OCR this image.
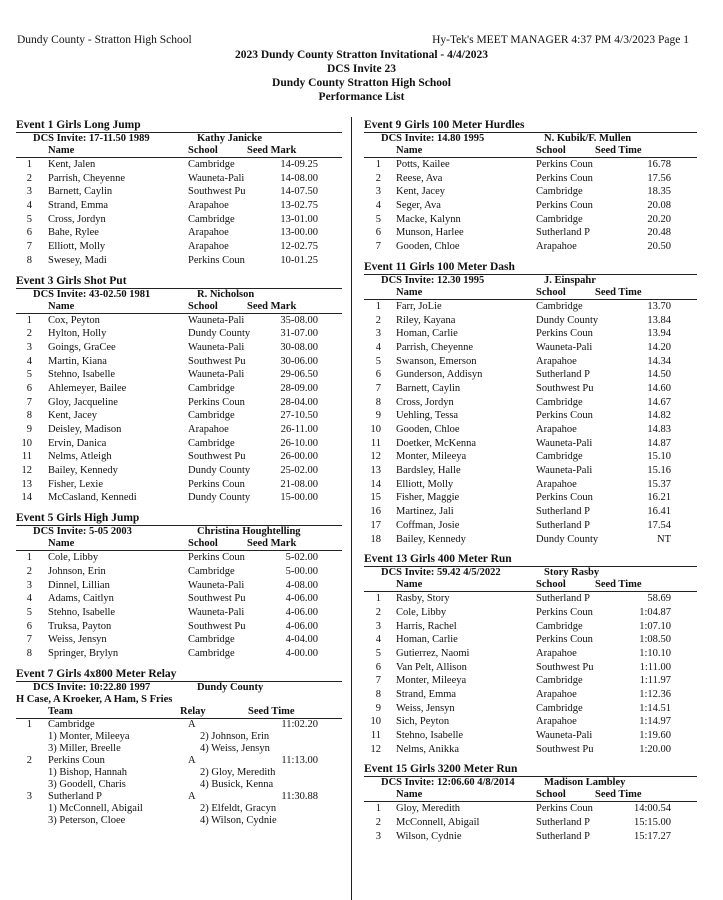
Dundy County - Stratton High School	Hy-Tek's MEET MANAGER 4:37 PM 4/3/2023 Page 1
2023 Dundy County Stratton Invitational - 4/4/2023
DCS Invite 23
Dundy County Stratton High School
Performance List
Event 1 Girls Long Jump
DCS Invite: 17-11.50 1989	Kathy Janicke
Name	School	Seed Mark
1 Kent, Jalen	Cambridge	14-09.25
2 Parrish, Cheyenne	Wauneta-Pali	14-08.00
3 Barnett, Caylin	Southwest Pu	14-07.50
4 Strand, Emma	Arapahoe	13-02.75
5 Cross, Jordyn	Cambridge	13-01.00
6 Bahe, Rylee	Arapahoe	13-00.00
7 Elliott, Molly	Arapahoe	12-02.75
8 Swesey, Madi	Perkins Coun	10-01.25
Event 3 Girls Shot Put
DCS Invite: 43-02.50 1981	R. Nicholson
Name	School	Seed Mark
1 Cox, Peyton	Wauneta-Pali	35-08.00
2 Hylton, Holly	Dundy County	31-07.00
3 Goings, GraCee	Wauneta-Pali	30-08.00
4 Martin, Kiana	Southwest Pu	30-06.00
5 Stehno, Isabelle	Wauneta-Pali	29-06.50
6 Ahlemeyer, Bailee	Cambridge	28-09.00
7 Gloy, Jacqueline	Perkins Coun	28-04.00
8 Kent, Jacey	Cambridge	27-10.50
9 Deisley, Madison	Arapahoe	26-11.00
10 Ervin, Danica	Cambridge	26-10.00
11 Nelms, Atleigh	Southwest Pu	26-00.00
12 Bailey, Kennedy	Dundy County	25-02.00
13 Fisher, Lexie	Perkins Coun	21-08.00
14 McCasland, Kennedi	Dundy County	15-00.00
Event 5 Girls High Jump
DCS Invite: 5-05 2003	Christina Houghtelling
Name	School	Seed Mark
1 Cole, Libby	Perkins Coun	5-02.00
2 Johnson, Erin	Cambridge	5-00.00
3 Dinnel, Lillian	Wauneta-Pali	4-08.00
4 Adams, Caitlyn	Southwest Pu	4-06.00
5 Stehno, Isabelle	Wauneta-Pali	4-06.00
6 Truksa, Payton	Southwest Pu	4-06.00
7 Weiss, Jensyn	Cambridge	4-04.00
8 Springer, Brylyn	Cambridge	4-00.00
Event 7 Girls 4x800 Meter Relay
DCS Invite: 10:22.80 1997	Dundy County
H Case, A Kroeker, A Ham, S Fries
Team	Relay	Seed Time
1 Cambridge	A	11:02.20
1) Monter, Mileeya	2) Johnson, Erin
3) Miller, Breelle	4) Weiss, Jensyn
2 Perkins Coun	A	11:13.00
1) Bishop, Hannah	2) Gloy, Meredith
3) Goodell, Charis	4) Busick, Kenna
3 Sutherland P	A	11:30.88
1) McConnell, Abigail	2) Elfeldt, Gracyn
3) Peterson, Cloee	4) Wilson, Cydnie
Event 9 Girls 100 Meter Hurdles
DCS Invite: 14.80 1995	N. Kubik/F. Mullen
Name	School	Seed Time
1 Potts, Kailee	Perkins Coun	16.78
2 Reese, Ava	Perkins Coun	17.56
3 Kent, Jacey	Cambridge	18.35
4 Seger, Ava	Perkins Coun	20.08
5 Macke, Kalynn	Cambridge	20.20
6 Munson, Harlee	Sutherland P	20.48
7 Gooden, Chloe	Arapahoe	20.50
Event 11 Girls 100 Meter Dash
DCS Invite: 12.30 1995	J. Einspahr
Name	School	Seed Time
1 Farr, JoLie	Cambridge	13.70
2 Riley, Kayana	Dundy County	13.84
3 Homan, Carlie	Perkins Coun	13.94
4 Parrish, Cheyenne	Wauneta-Pali	14.20
5 Swanson, Emerson	Arapahoe	14.34
6 Gunderson, Addisyn	Sutherland P	14.50
7 Barnett, Caylin	Southwest Pu	14.60
8 Cross, Jordyn	Cambridge	14.67
9 Uehling, Tessa	Perkins Coun	14.82
10 Gooden, Chloe	Arapahoe	14.83
11 Doetker, McKenna	Wauneta-Pali	14.87
12 Monter, Mileeya	Cambridge	15.10
13 Bardsley, Halle	Wauneta-Pali	15.16
14 Elliott, Molly	Arapahoe	15.37
15 Fisher, Maggie	Perkins Coun	16.21
16 Martinez, Jali	Sutherland P	16.41
17 Coffman, Josie	Sutherland P	17.54
18 Bailey, Kennedy	Dundy County	NT
Event 13 Girls 400 Meter Run
DCS Invite: 59.42 4/5/2022	Story Rasby
Name	School	Seed Time
1 Rasby, Story	Sutherland P	58.69
2 Cole, Libby	Perkins Coun	1:04.87
3 Harris, Rachel	Cambridge	1:07.10
4 Homan, Carlie	Perkins Coun	1:08.50
5 Gutierrez, Naomi	Arapahoe	1:10.10
6 Van Pelt, Allison	Southwest Pu	1:11.00
7 Monter, Mileeya	Cambridge	1:11.97
8 Strand, Emma	Arapahoe	1:12.36
9 Weiss, Jensyn	Cambridge	1:14.51
10 Sich, Peyton	Arapahoe	1:14.97
11 Stehno, Isabelle	Wauneta-Pali	1:19.60
12 Nelms, Anikka	Southwest Pu	1:20.00
Event 15 Girls 3200 Meter Run
DCS Invite: 12:06.60 4/8/2014	Madison Lambley
Name	School	Seed Time
1 Gloy, Meredith	Perkins Coun	14:00.54
2 McConnell, Abigail	Sutherland P	15:15.00
3 Wilson, Cydnie	Sutherland P	15:17.27
